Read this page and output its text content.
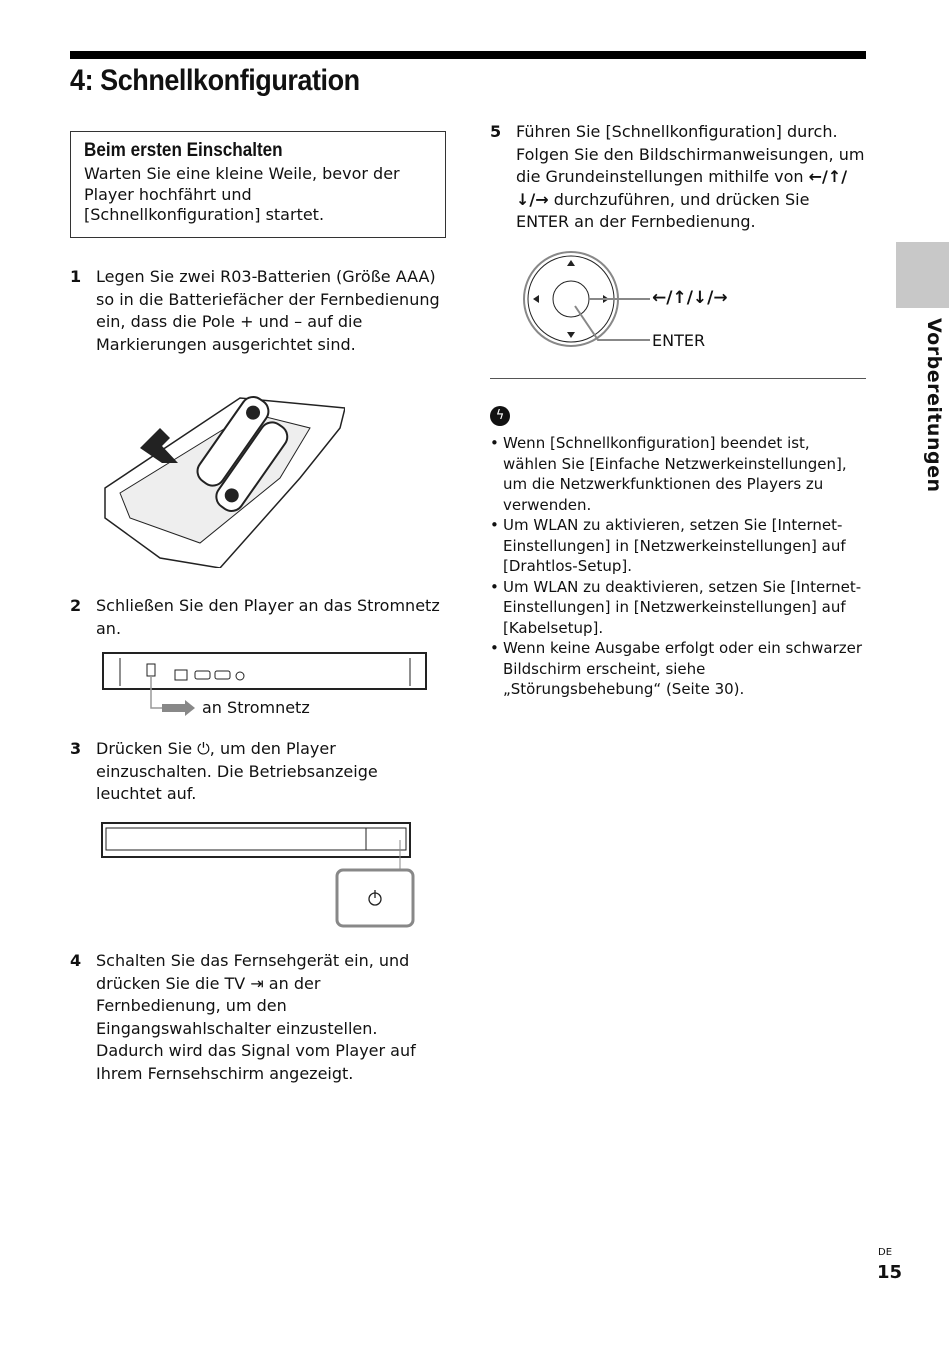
4: Schnellkonfiguration
Beim ersten Einschalten

Warten Sie eine kleine Weile, bevor der Player hochfährt und [Schnellkonfiguration] startet.

1 Legen Sie zwei R03-Batterien (Größe AAA) so in die Batteriefächer der Fernbedienung ein, dass die Pole + und – auf die Markierungen ausgerichtet sind.

2 Schließen Sie den Player an das Stromnetz an.

an Stromnetz
3 Drücken Sie ⏻, um den Player einzuschalten. Die Betriebsanzeige leuchtet auf.

4 Schalten Sie das Fernsehgerät ein, und drücken Sie die TV ⇥ an der Fernbedienung, um den Eingangswahlschalter einzustellen. Dadurch wird das Signal vom Player auf Ihrem Fernsehschirm angezeigt.

5 Führen Sie [Schnellkonfiguration] durch. Folgen Sie den Bildschirmanweisungen, um die Grundeinstellungen mithilfe von ←/↑/↓/→ durchzuführen, und drücken Sie ENTER an der Fernbedienung.

←/↑/↓/→
ENTER
ϟ
• Wenn [Schnellkonfiguration] beendet ist, wählen Sie [Einfache Netzwerkeinstellungen], um die Netzwerkfunktionen des Players zu verwenden.
• Um WLAN zu aktivieren, setzen Sie [Internet-Einstellungen] in [Netzwerkeinstellungen] auf [Drahtlos-Setup].
• Um WLAN zu deaktivieren, setzen Sie [Internet-Einstellungen] in [Netzwerkeinstellungen] auf [Kabelsetup].
• Wenn keine Ausgabe erfolgt oder ein schwarzer Bildschirm erscheint, siehe „Störungsbehebung“ (Seite 30).
Vorbereitungen
DE
15
